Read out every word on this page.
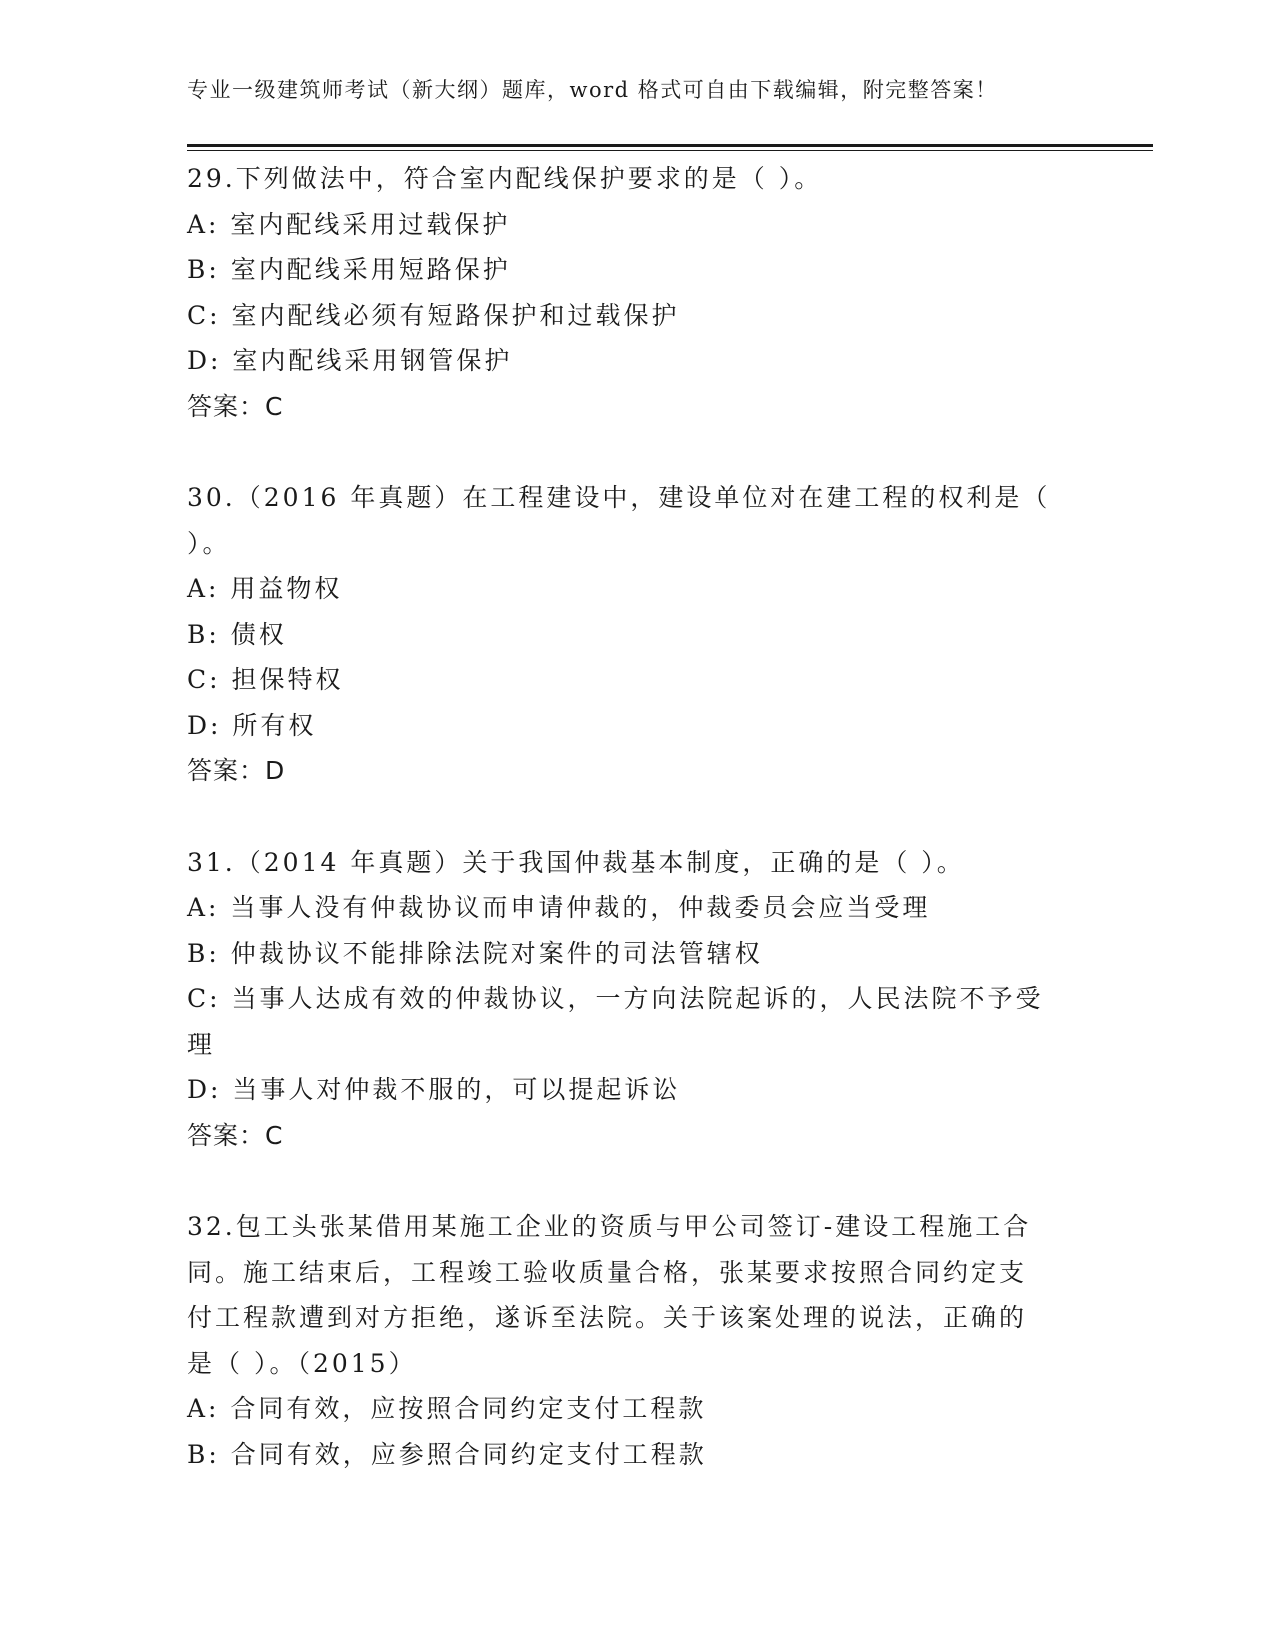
专业一级建筑师考试（新大纲）题库，word 格式可自由下载编辑，附完整答案！
29.下列做法中，符合室内配线保护要求的是（ ）。
A: 室内配线采用过载保护
B: 室内配线采用短路保护
C: 室内配线必须有短路保护和过载保护
D: 室内配线采用钢管保护
答案：C
30.（2016 年真题）在工程建设中，建设单位对在建工程的权利是（
）。
A: 用益物权
B: 债权
C: 担保特权
D: 所有权
答案：D
31.（2014 年真题）关于我国仲裁基本制度，正确的是（ ）。
A: 当事人没有仲裁协议而申请仲裁的，仲裁委员会应当受理
B: 仲裁协议不能排除法院对案件的司法管辖权
C: 当事人达成有效的仲裁协议，一方向法院起诉的，人民法院不予受
理
D: 当事人对仲裁不服的，可以提起诉讼
答案：C
32.包工头张某借用某施工企业的资质与甲公司签订-建设工程施工合
同。施工结束后，工程竣工验收质量合格，张某要求按照合同约定支
付工程款遭到对方拒绝，遂诉至法院。关于该案处理的说法，正确的
是（ ）。（2015）
A: 合同有效，应按照合同约定支付工程款
B: 合同有效，应参照合同约定支付工程款
